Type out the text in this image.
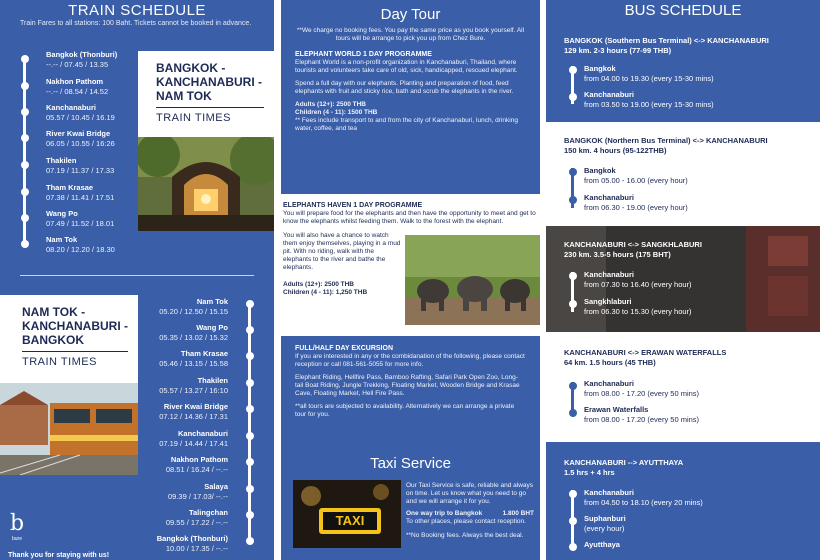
TRAIN SCHEDULE
Train Fares to all stations: 100 Baht. Tickets cannot be booked in advance.
Bangkok (Thonburi)
--.-- / 07.45 / 13.35
Nakhon Pathom
--.-- / 08.54 / 14.52
Kanchanaburi
05.57 / 10.45 / 16.19
River Kwai Bridge
06.05 / 10.55 / 16:26
Thakilen
07.19 / 11.37 / 17.33
Tham Krasae
07.38 / 11.41 / 17.51
Wang Po
07.49 / 11.52 / 18.01
Nam Tok
08.20 / 12.20 / 18.30
BANGKOK - KANCHANABURI - NAM TOK
TRAIN TIMES
NAM TOK - KANCHANABURI - BANGKOK
TRAIN TIMES
Nam Tok
05.20 / 12.50 / 15.15
Wang Po
05.35 / 13.02 / 15.32
Tham Krasae
05.46 / 13.15 / 15.58
Thakilen
05.57 / 13.27 / 16:10
River Kwai Bridge
07.12 / 14.36 / 17.31
Kanchanaburi
07.19 / 14.44 / 17.41
Nakhon Pathom
08.51 / 16.24 / --.--
Salaya
09.39 / 17.03/ --.--
Talingchan
09.55 / 17.22 / --.--
Bangkok (Thonburi)
10.00 / 17.35 / --.--
b
bure
Thank you for staying with us!
Day Tour
**We charge no booking fees. You pay the same price as you book yourself. All tours will be arrange to pick you up from Chez Bure.
ELEPHANT WORLD 1 DAY PROGRAMME
Elephant World is a non-profit organization in Kanchanaburi, Thailand, where tourists and volunteers take care of old, sick, handicapped, rescued elephant.
Spend a full day with our elephants. Planting and preparation of food, feed elephants with fruit and sticky rice, bath and scrub the elephants in the river.
Adults (12+): 2500 THB
Children (4 - 11): 1500 THB
** Fees include transport to and from the city of Kanchanaburi, lunch, drinking water, coffee, and tea
ELEPHANTS HAVEN 1 DAY PROGRAMME
You will prepare food for the elephants and then have the opportunity to meet and get to know the elephants whilst feeding them. Walk to the forest with the elephant.
You will also have a chance to watch them enjoy themselves, playing in a mud pit. With no riding, walk with the elephants to the river and bathe the elephants.
Adults (12+): 2500 THB
Children (4 - 11): 1,250 THB
FULL/HALF DAY EXCURSION
If you are interested in any or the combidanation of the following, please contact reception or call 081-561-5055 for more info.
Elephant Riding, Hellfire Pass, Bamboo Rafting, Safari Park Open Zoo, Long-tail Boat Riding, Jungle Trekking, Floating Market, Wooden Bridge and Krasae Cave, Floating Market, Hell Fire Pass.
**all tours are subjected to availability. Alternatively we can arrange a private tour for you.
Taxi Service
TAXI
Our Taxi Service is safe, reliable and always on time. Let us know what you need to go and we will arrange it for you.
One way trip to Bangkok	1.800 BHT
To other places, please contact reception.
**No Booking fees. Always the best deal.
BUS SCHEDULE
BANGKOK (Southern Bus Terminal) <-> KANCHANABURI
129 km. 2-3 hours (77-99 THB)
Bangkok
from 04.00 to 19.30 (every 15-30 mins)
Kanchanaburi
from 03.50 to 19.00 (every 15-30 mins)
BANGKOK (Northern Bus Terminal) <-> KANCHANABURI
150 km. 4 hours (95-122THB)
Bangkok
from 05.00 - 16.00 (every hour)
Kanchanaburi
from 06.30 - 19.00 (every hour)
KANCHANABURI <-> SANGKHLABURI
230 km. 3.5-5 hours (175 BHT)
Kanchanaburi
from 07.30 to 16.40 (every hour)
Sangkhlaburi
from 06.30 to 15.30 (every hour)
KANCHANABURI <-> ERAWAN WATERFALLS
64 km. 1.5 hours (45 THB)
Kanchanaburi
from 08.00 - 17.20 (every 50 mins)
Erawan Waterfalls
from 08.00 - 17.20 (every 50 mins)
KANCHANABURI --> AYUTTHAYA
1.5 hrs + 4 hrs
Kanchanaburi
from 04.50 to 18.10 (every 20 mins)
Suphanburi
(every hour)
Ayutthaya
